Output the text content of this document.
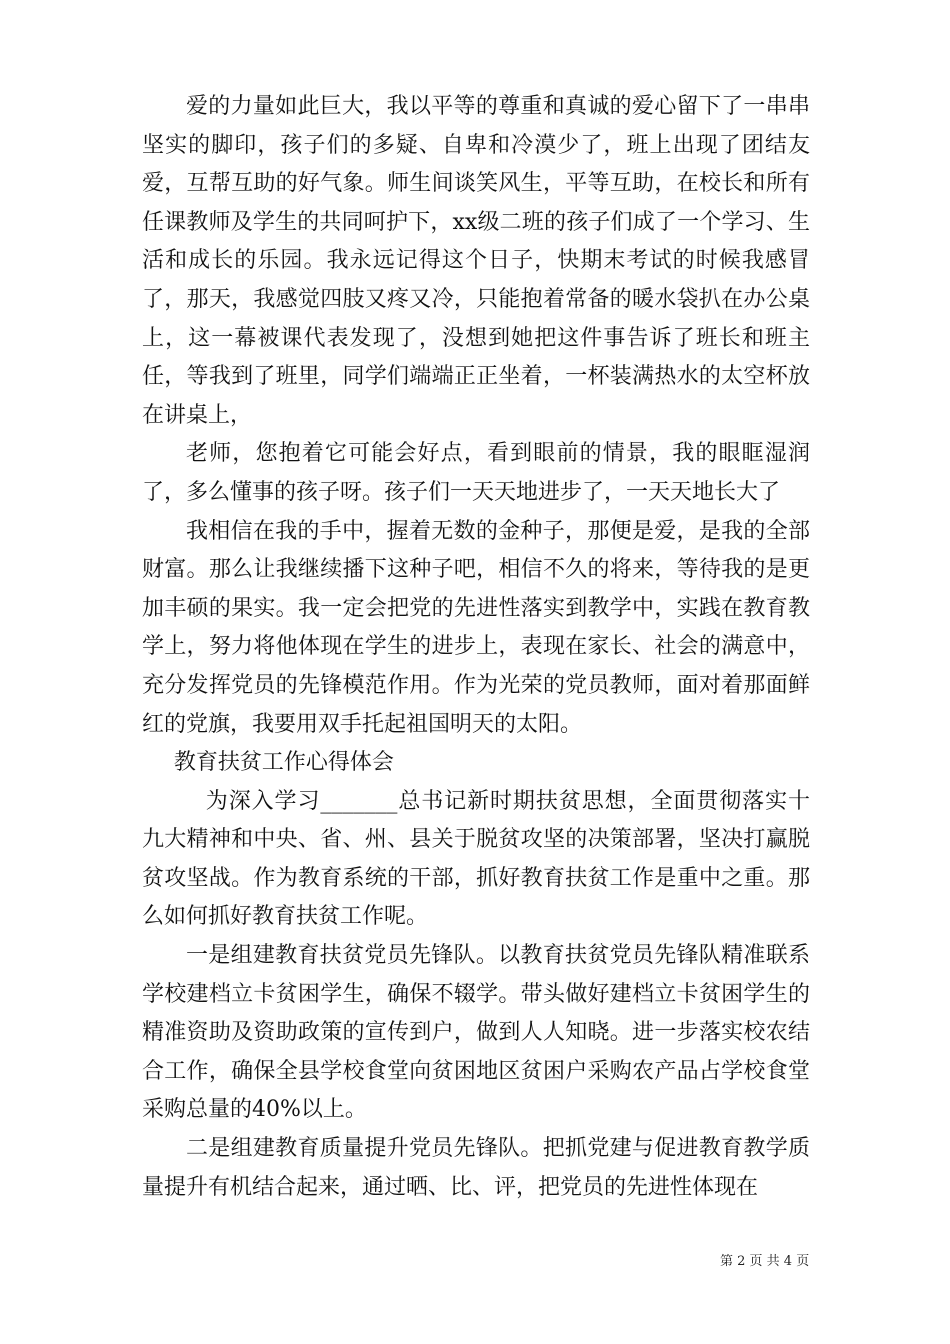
爱的力量如此巨大，我以平等的尊重和真诚的爱心留下了一串串坚实的脚印，孩子们的多疑、自卑和冷漠少了，班上出现了团结友爱，互帮互助的好气象。师生间谈笑风生，平等互助，在校长和所有任课教师及学生的共同呵护下，xx级二班的孩子们成了一个学习、生活和成长的乐园。我永远记得这个日子，快期末考试的时候我感冒了，那天，我感觉四肢又疼又冷，只能抱着常备的暖水袋扒在办公桌上，这一幕被课代表发现了，没想到她把这件事告诉了班长和班主任，等我到了班里，同学们端端正正坐着，一杯装满热水的太空杯放在讲桌上，

老师，您抱着它可能会好点，看到眼前的情景，我的眼眶湿润了，多么懂事的孩子呀。孩子们一天天地进步了，一天天地长大了

我相信在我的手中，握着无数的金种子，那便是爱，是我的全部财富。那么让我继续播下这种子吧，相信不久的将来，等待我的是更加丰硕的果实。我一定会把党的先进性落实到教学中，实践在教育教学上，努力将他体现在学生的进步上，表现在家长、社会的满意中，充分发挥党员的先锋模范作用。作为光荣的党员教师，面对着那面鲜红的党旗，我要用双手托起祖国明天的太阳。

教育扶贫工作心得体会

为深入学习_______总书记新时期扶贫思想，全面贯彻落实十九大精神和中央、省、州、县关于脱贫攻坚的决策部署，坚决打赢脱贫攻坚战。作为教育系统的干部，抓好教育扶贫工作是重中之重。那么如何抓好教育扶贫工作呢。

一是组建教育扶贫党员先锋队。以教育扶贫党员先锋队精准联系学校建档立卡贫困学生，确保不辍学。带头做好建档立卡贫困学生的精准资助及资助政策的宣传到户，做到人人知晓。进一步落实校农结合工作，确保全县学校食堂向贫困地区贫困户采购农产品占学校食堂采购总量的40%以上。

二是组建教育质量提升党员先锋队。把抓党建与促进教育教学质量提升有机结合起来，通过晒、比、评，把党员的先进性体现在

第 2 页 共 4 页
